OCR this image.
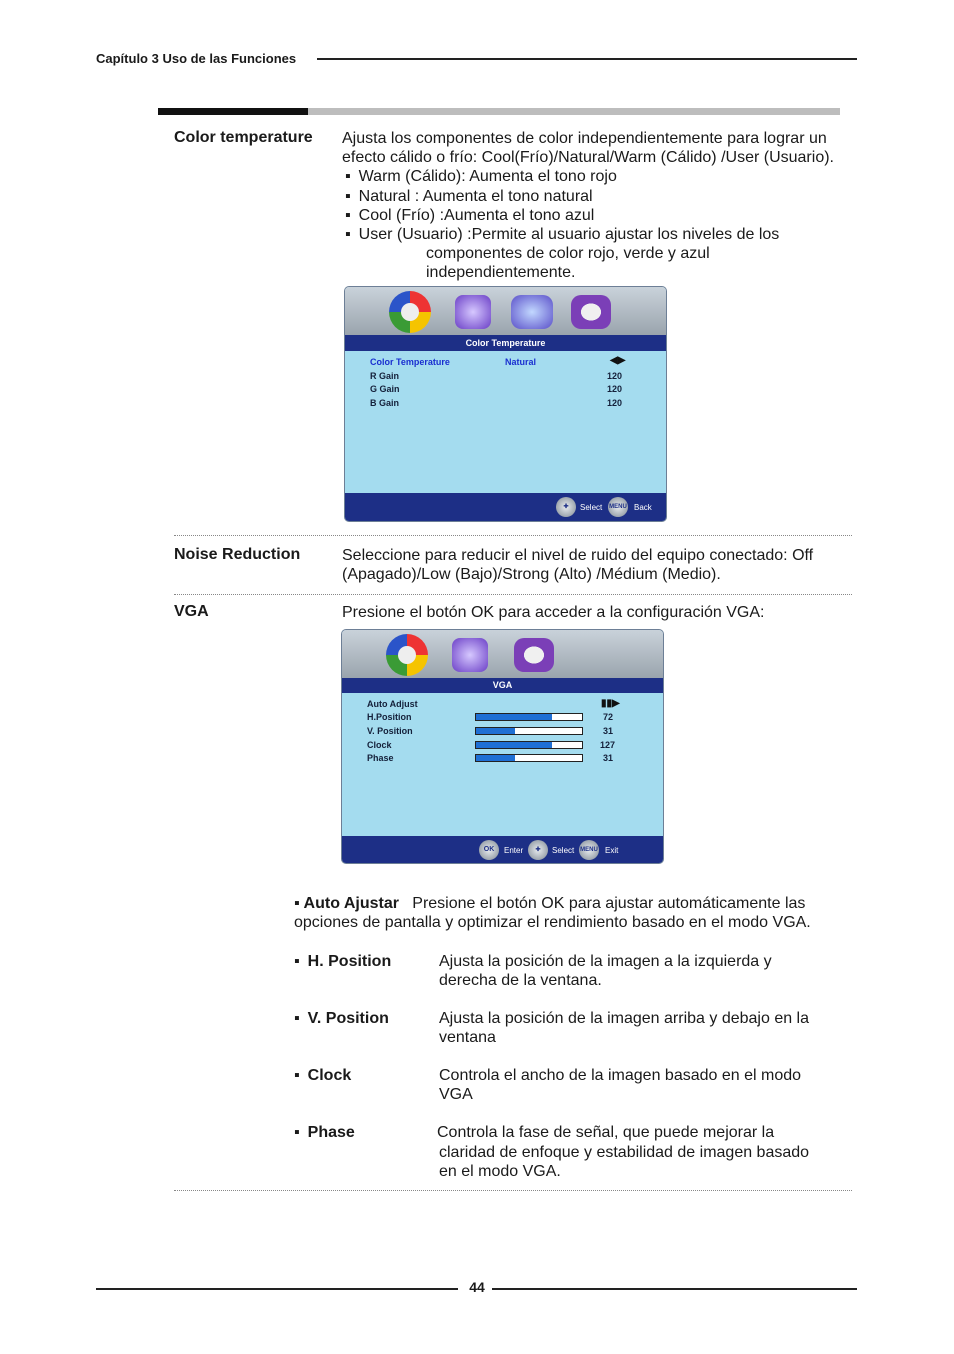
Capítulo 3 Uso de las Funciones
Color temperature Ajusta los componentes de color independientemente para lograr un
efecto cálido o frío: Cool(Frío)/Natural/Warm (Cálido) /User (Usuario).
▪ Warm (Cálido): Aumenta el tono rojo
▪ Natural : Aumenta el tono natural
▪ Cool (Frío) :Aumenta el tono azul
▪ User (Usuario) :Permite al usuario ajustar los niveles de los
componentes de color rojo, verde y azul
independientemente.
Color Temperature
Color Temperature	Natural	◀▶
R Gain	120
G Gain	120
B Gain	120
✚	Select MENU Back
Noise Reduction	Seleccione para reducir el nivel de ruido del equipo conectado: Off
(Apagado)/Low (Bajo)/Strong (Alto) /Médium (Medio).
VGA	Presione el botón OK para acceder a la configuración VGA:
VGA
Auto Adjust	▮▮▶
H.Position	72
V. Position	31
Clock	127
Phase	31
OK	Enter	✚	Select MENU Exit
▪ Auto Ajustar Presione el botón OK para ajustar automáticamente las
opciones de pantalla y optimizar el rendimiento basado en el modo VGA.
▪ H. Position	Ajusta la posición de la imagen a la izquierda y
derecha de la ventana.
▪ V. Position	Ajusta la posición de la imagen arriba y debajo en la
ventana
▪ Clock	Controla el ancho de la imagen basado en el modo
VGA
▪ Phase	Controla la fase de señal, que puede mejorar la
claridad de enfoque y estabilidad de imagen basado
en el modo VGA.
44
